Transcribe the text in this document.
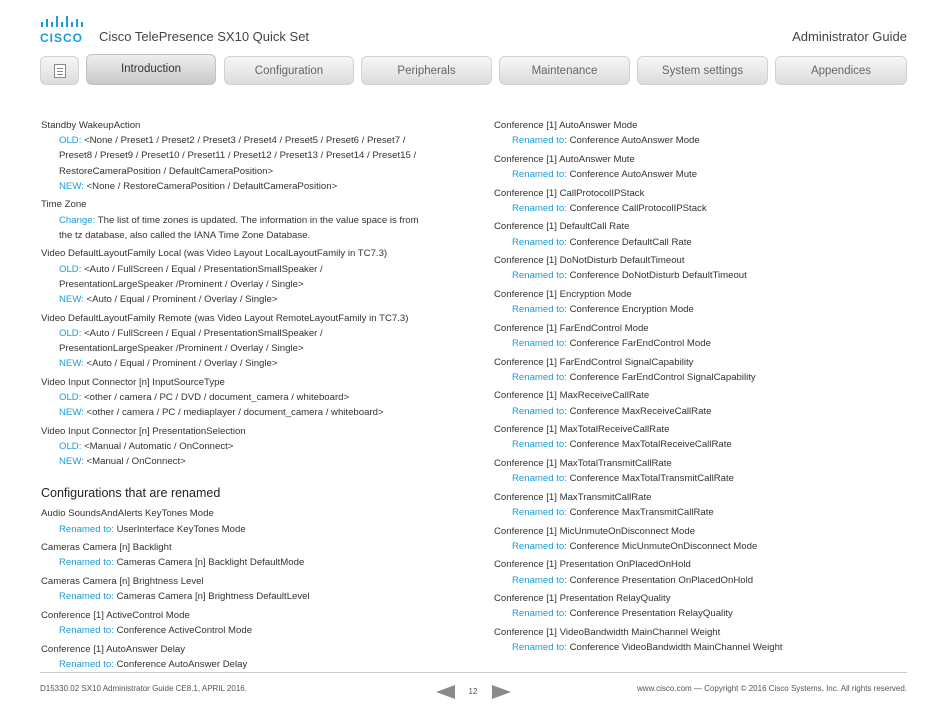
CISCO Cisco TelePresence SX10 Quick Set	Administrator Guide
Introduction	Configuration	Peripherals	Maintenance	System settings	Appendices
Standby WakeupAction
OLD: <None / Preset1 / Preset2 / Preset3 / Preset4 / Preset5 / Preset6 / Preset7 /
Preset8 / Preset9 / Preset10 / Preset11 / Preset12 / Preset13 / Preset14 / Preset15 /
RestoreCameraPosition / DefaultCameraPosition>
NEW: <None / RestoreCameraPosition / DefaultCameraPosition>
Time Zone
Change: The list of time zones is updated. The information in the value space is from
the tz database, also called the IANA Time Zone Database.
Video DefaultLayoutFamily Local (was Video Layout LocalLayoutFamily in TC7.3)
OLD: <Auto / FullScreen / Equal / PresentationSmallSpeaker /
PresentationLargeSpeaker /Prominent / Overlay / Single>
NEW: <Auto / Equal / Prominent / Overlay / Single>
Video DefaultLayoutFamily Remote (was Video Layout RemoteLayoutFamily in TC7.3)
OLD: <Auto / FullScreen / Equal / PresentationSmallSpeaker /
PresentationLargeSpeaker /Prominent / Overlay / Single>
NEW: <Auto / Equal / Prominent / Overlay / Single>
Video Input Connector [n] InputSourceType
OLD: <other / camera / PC / DVD / document_camera / whiteboard>
NEW: <other / camera / PC / mediaplayer / document_camera / whiteboard>
Video Input Connector [n] PresentationSelection
OLD: <Manual / Automatic / OnConnect>
NEW: <Manual / OnConnect>
Configurations that are renamed
Audio SoundsAndAlerts KeyTones Mode
Renamed to: UserInterface KeyTones Mode
Cameras Camera [n] Backlight
Renamed to: Cameras Camera [n] Backlight DefaultMode
Cameras Camera [n] Brightness Level
Renamed to: Cameras Camera [n] Brightness DefaultLevel
Conference [1] ActiveControl Mode
Renamed to: Conference ActiveControl Mode
Conference [1] AutoAnswer Delay
Renamed to: Conference AutoAnswer Delay
Conference [1] AutoAnswer Mode
Renamed to: Conference AutoAnswer Mode
Conference [1] AutoAnswer Mute
Renamed to: Conference AutoAnswer Mute
Conference [1] CallProtocolIPStack
Renamed to: Conference CallProtocolIPStack
Conference [1] DefaultCall Rate
Renamed to: Conference DefaultCall Rate
Conference [1] DoNotDisturb DefaultTimeout
Renamed to: Conference DoNotDisturb DefaultTimeout
Conference [1] Encryption Mode
Renamed to: Conference Encryption Mode
Conference [1] FarEndControl Mode
Renamed to: Conference FarEndControl Mode
Conference [1] FarEndControl SignalCapability
Renamed to: Conference FarEndControl SignalCapability
Conference [1] MaxReceiveCallRate
Renamed to: Conference MaxReceiveCallRate
Conference [1] MaxTotalReceiveCallRate
Renamed to: Conference MaxTotalReceiveCallRate
Conference [1] MaxTotalTransmitCallRate
Renamed to: Conference MaxTotalTransmitCallRate
Conference [1] MaxTransmitCallRate
Renamed to: Conference MaxTransmitCallRate
Conference [1] MicUnmuteOnDisconnect Mode
Renamed to: Conference MicUnmuteOnDisconnect Mode
Conference [1] Presentation OnPlacedOnHold
Renamed to: Conference Presentation OnPlacedOnHold
Conference [1] Presentation RelayQuality
Renamed to: Conference Presentation RelayQuality
Conference [1] VideoBandwidth MainChannel Weight
Renamed to: Conference VideoBandwidth MainChannel Weight
D15330.02 SX10 Administrator Guide CE8.1, APRIL 2016.	12	www.cisco.com — Copyright © 2016 Cisco Systems, Inc. All rights reserved.
